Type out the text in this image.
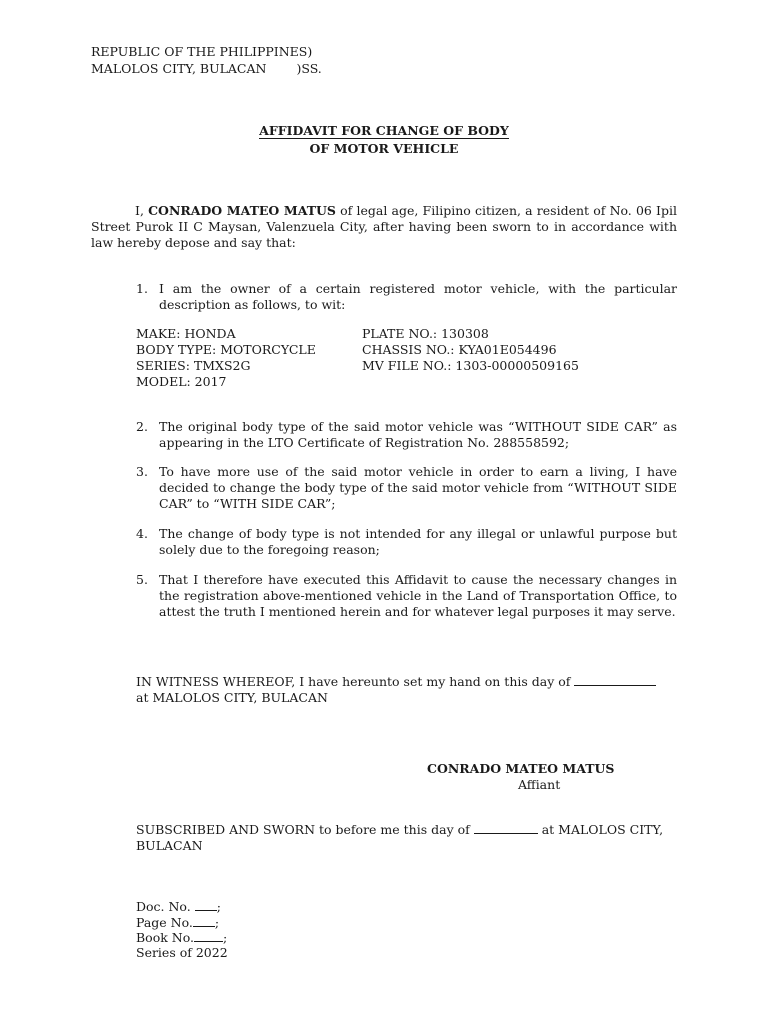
REPUBLIC OF THE PHILIPPINES)
MALOLOS CITY, BULACAN )SS.
AFFIDAVIT FOR CHANGE OF BODY
OF MOTOR VEHICLE
I, CONRADO MATEO MATUS of legal age, Filipino citizen, a resident of No. 06 Ipil Street Purok II C Maysan, Valenzuela City, after having been sworn to in accordance with law hereby depose and say that:
1. I am the owner of a certain registered motor vehicle, with the particular description as follows, to wit:
MAKE: HONDA
BODY TYPE: MOTORCYCLE
SERIES: TMXS2G
MODEL: 2017
PLATE NO.: 130308
CHASSIS NO.: KYA01E054496
MV FILE NO.: 1303-00000509165
2. The original body type of the said motor vehicle was “WITHOUT SIDE CAR” as appearing in the LTO Certificate of Registration No. 288558592;
3. To have more use of the said motor vehicle in order to earn a living, I have decided to change the body type of the said motor vehicle from “WITHOUT SIDE CAR” to “WITH SIDE CAR”;
4. The change of body type is not intended for any illegal or unlawful purpose but solely due to the foregoing reason;
5. That I therefore have executed this Affidavit to cause the necessary changes in the registration above-mentioned vehicle in the Land of Transportation Office, to attest the truth I mentioned herein and for whatever legal purposes it may serve.
IN WITNESS WHEREOF, I have hereunto set my hand on this day of
at MALOLOS CITY, BULACAN
CONRADO MATEO MATUS
Affiant
SUBSCRIBED AND SWORN to before me this day of	at MALOLOS CITY,
BULACAN
Doc. No. ;
Page No. ;
Book No. ;
Series of 2022
